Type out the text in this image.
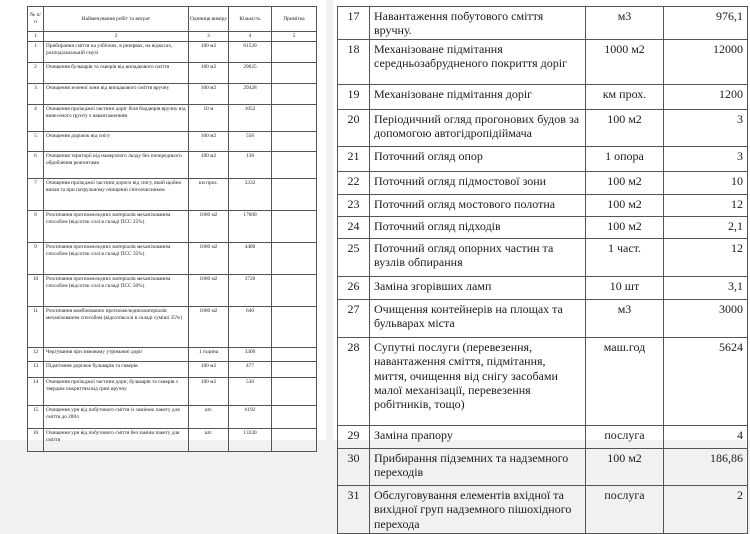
№ п/п	Найменування робіт та витрат	Одиниця виміру	Кількість	Примітка
1	2	3	4	5
1	Прибирання сміття на узбіччях, в резервах, на відкосах, розподільчальній смузі	100 м2	61520	
2	Очищення бульварів та скверів від випадкового сміття	100 м2	29025	
3	Очищення зеленої зони від випадкового сміття вручну	100 м2	29428	
4	Очищення проїжджої частини доріг біля бордюрів вручну від винесеного ґрунту з навантаженням	10 м	1052	
5	Очищення доріжок від снігу	100 м2	556	
6	Очищення території від намерзлого льоду без попереднього оброблення реагентами	100 м2	138	
7	Очищення проїжджої частини дороги від снігу, який щойно випав та при патрульному очищенні снігоочисником	км прох.	3332	
8	Розсипання протиожеледних матеріалів механізованим способом (відсоток солі в складі ПСС 25%)	1000 м2	17600	
9	Розсипання протиожеледних матеріалів механізованим способом (відсоток солі в складі ПСС 35%)	1000 м2	4400	
10	Розсипання протиожеледних матеріалів механізованим способом (відсоток солі в складі ПСС 50%)	1000 м2	3720	
11	Розсипання комбінованих протиожеледнихматеріалів механізованим способом (відсотоксолі в складі суміші 35%)	1000 м2	640	
12	Чергування при зимовому утриманні доріг	1 година	3300	
13	Підмітання доріжок бульварів та скверів	100 м2	477	
14	Очищення проїжджої частини доріг, бульварів та скверів з твердим покриттям від ґрязі вручну	100 м2	530	
15	Очищення урн від побутового сміття із заміною пакету для сміття до 200л	шт.	6192	
16	Очищення урн від побутового сміття без заміни пакету для сміття	шт.	13330	
17	Навантаження побутового сміття вручну.	м3	976,1
18	Механізоване підмітання середньозабрудненого покриття доріг	1000 м2	12000
19	Механізоване підмітання доріг	км прох.	1200
20	Періодичний огляд прогонових будов за допомогою автогідропідіймача	100 м2	3
21	Поточний огляд опор	1 опора	3
22	Поточний огляд підмостової зони	100 м2	10
23	Поточний огляд мостового полотна	100 м2	12
24	Поточний огляд підходів	100 м2	2,1
25	Поточний огляд опорних частин та вузлів обпирання	1 част.	12
26	Заміна згорівших ламп	10 шт	3,1
27	Очищення контейнерів на площах та бульварах міста	м3	3000
28	Супутні послуги (перевезення, навантаження сміття, підмітання, миття, очищення від снігу засобами малої механізації, перевезення робітників, тощо)	маш.год	5624
29	Заміна прапору	послуга	4
30	Прибирання підземних та надземного переходів	100 м2	186,86
31	Обслуговування елементів вхідної та вихідної груп надземного пішохідного перехода	послуга	2
